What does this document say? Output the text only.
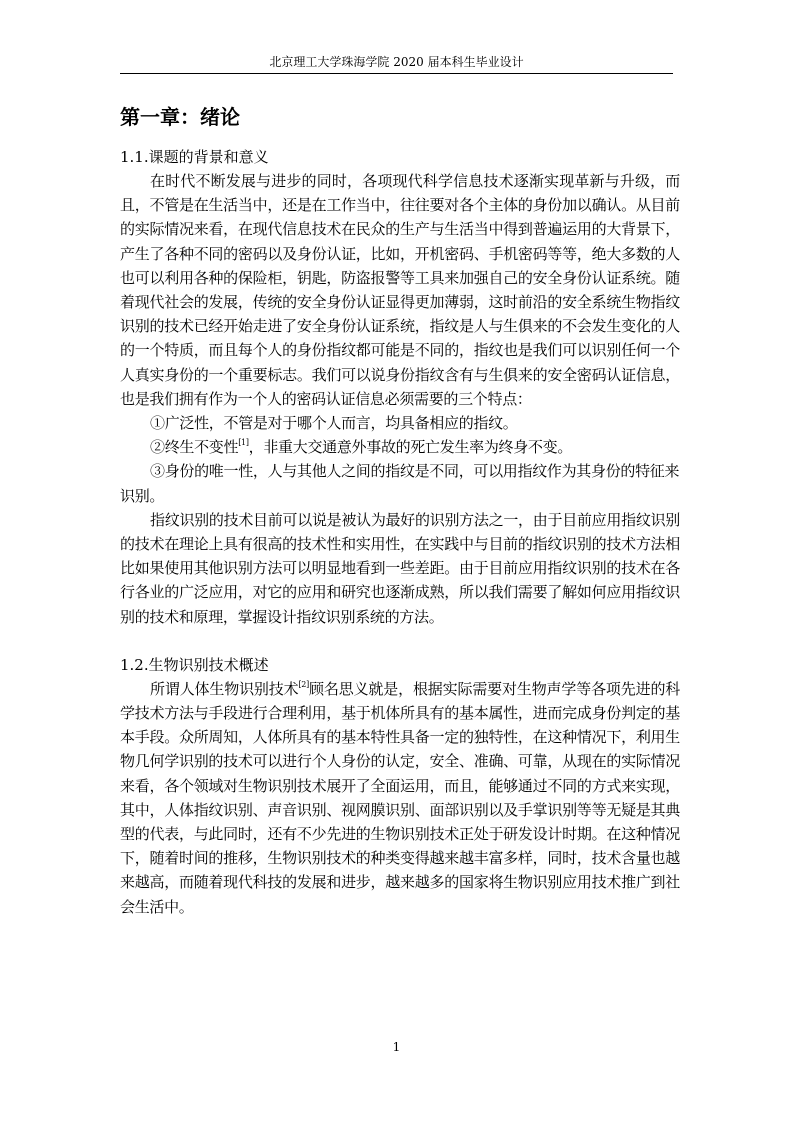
北京理工大学珠海学院 2020 届本科生毕业设计
第一章：绪论
1.1.课题的背景和意义

在时代不断发展与进步的同时，各项现代科学信息技术逐渐实现革新与升级，而且，不管是在生活当中，还是在工作当中，往往要对各个主体的身份加以确认。从目前的实际情况来看，在现代信息技术在民众的生产与生活当中得到普遍运用的大背景下，产生了各种不同的密码以及身份认证，比如，开机密码、手机密码等等，绝大多数的人也可以利用各种的保险柜，钥匙，防盗报警等工具来加强自己的安全身份认证系统。随着现代社会的发展，传统的安全身份认证显得更加薄弱，这时前沿的安全系统生物指纹识别的技术已经开始走进了安全身份认证系统，指纹是人与生俱来的不会发生变化的人的一个特质，而且每个人的身份指纹都可能是不同的，指纹也是我们可以识别任何一个人真实身份的一个重要标志。我们可以说身份指纹含有与生俱来的安全密码认证信息，也是我们拥有作为一个人的密码认证信息必须需要的三个特点：

①广泛性，不管是对于哪个人而言，均具备相应的指纹。

②终生不变性[1]，非重大交通意外事故的死亡发生率为终身不变。

③身份的唯一性，人与其他人之间的指纹是不同，可以用指纹作为其身份的特征来识别。

指纹识别的技术目前可以说是被认为最好的识别方法之一，由于目前应用指纹识别的技术在理论上具有很高的技术性和实用性，在实践中与目前的指纹识别的技术方法相比如果使用其他识别方法可以明显地看到一些差距。由于目前应用指纹识别的技术在各行各业的广泛应用，对它的应用和研究也逐渐成熟，所以我们需要了解如何应用指纹识别的技术和原理，掌握设计指纹识别系统的方法。

1.2.生物识别技术概述

所谓人体生物识别技术[2]顾名思义就是，根据实际需要对生物声学等各项先进的科学技术方法与手段进行合理利用，基于机体所具有的基本属性，进而完成身份判定的基本手段。众所周知，人体所具有的基本特性具备一定的独特性，在这种情况下，利用生物几何学识别的技术可以进行个人身份的认定，安全、准确、可靠，从现在的实际情况来看，各个领域对生物识别技术展开了全面运用，而且，能够通过不同的方式来实现，其中，人体指纹识别、声音识别、视网膜识别、面部识别以及手掌识别等等无疑是其典型的代表，与此同时，还有不少先进的生物识别技术正处于研发设计时期。在这种情况下，随着时间的推移，生物识别技术的种类变得越来越丰富多样，同时，技术含量也越来越高，而随着现代科技的发展和进步，越来越多的国家将生物识别应用技术推广到社会生活中。

1
